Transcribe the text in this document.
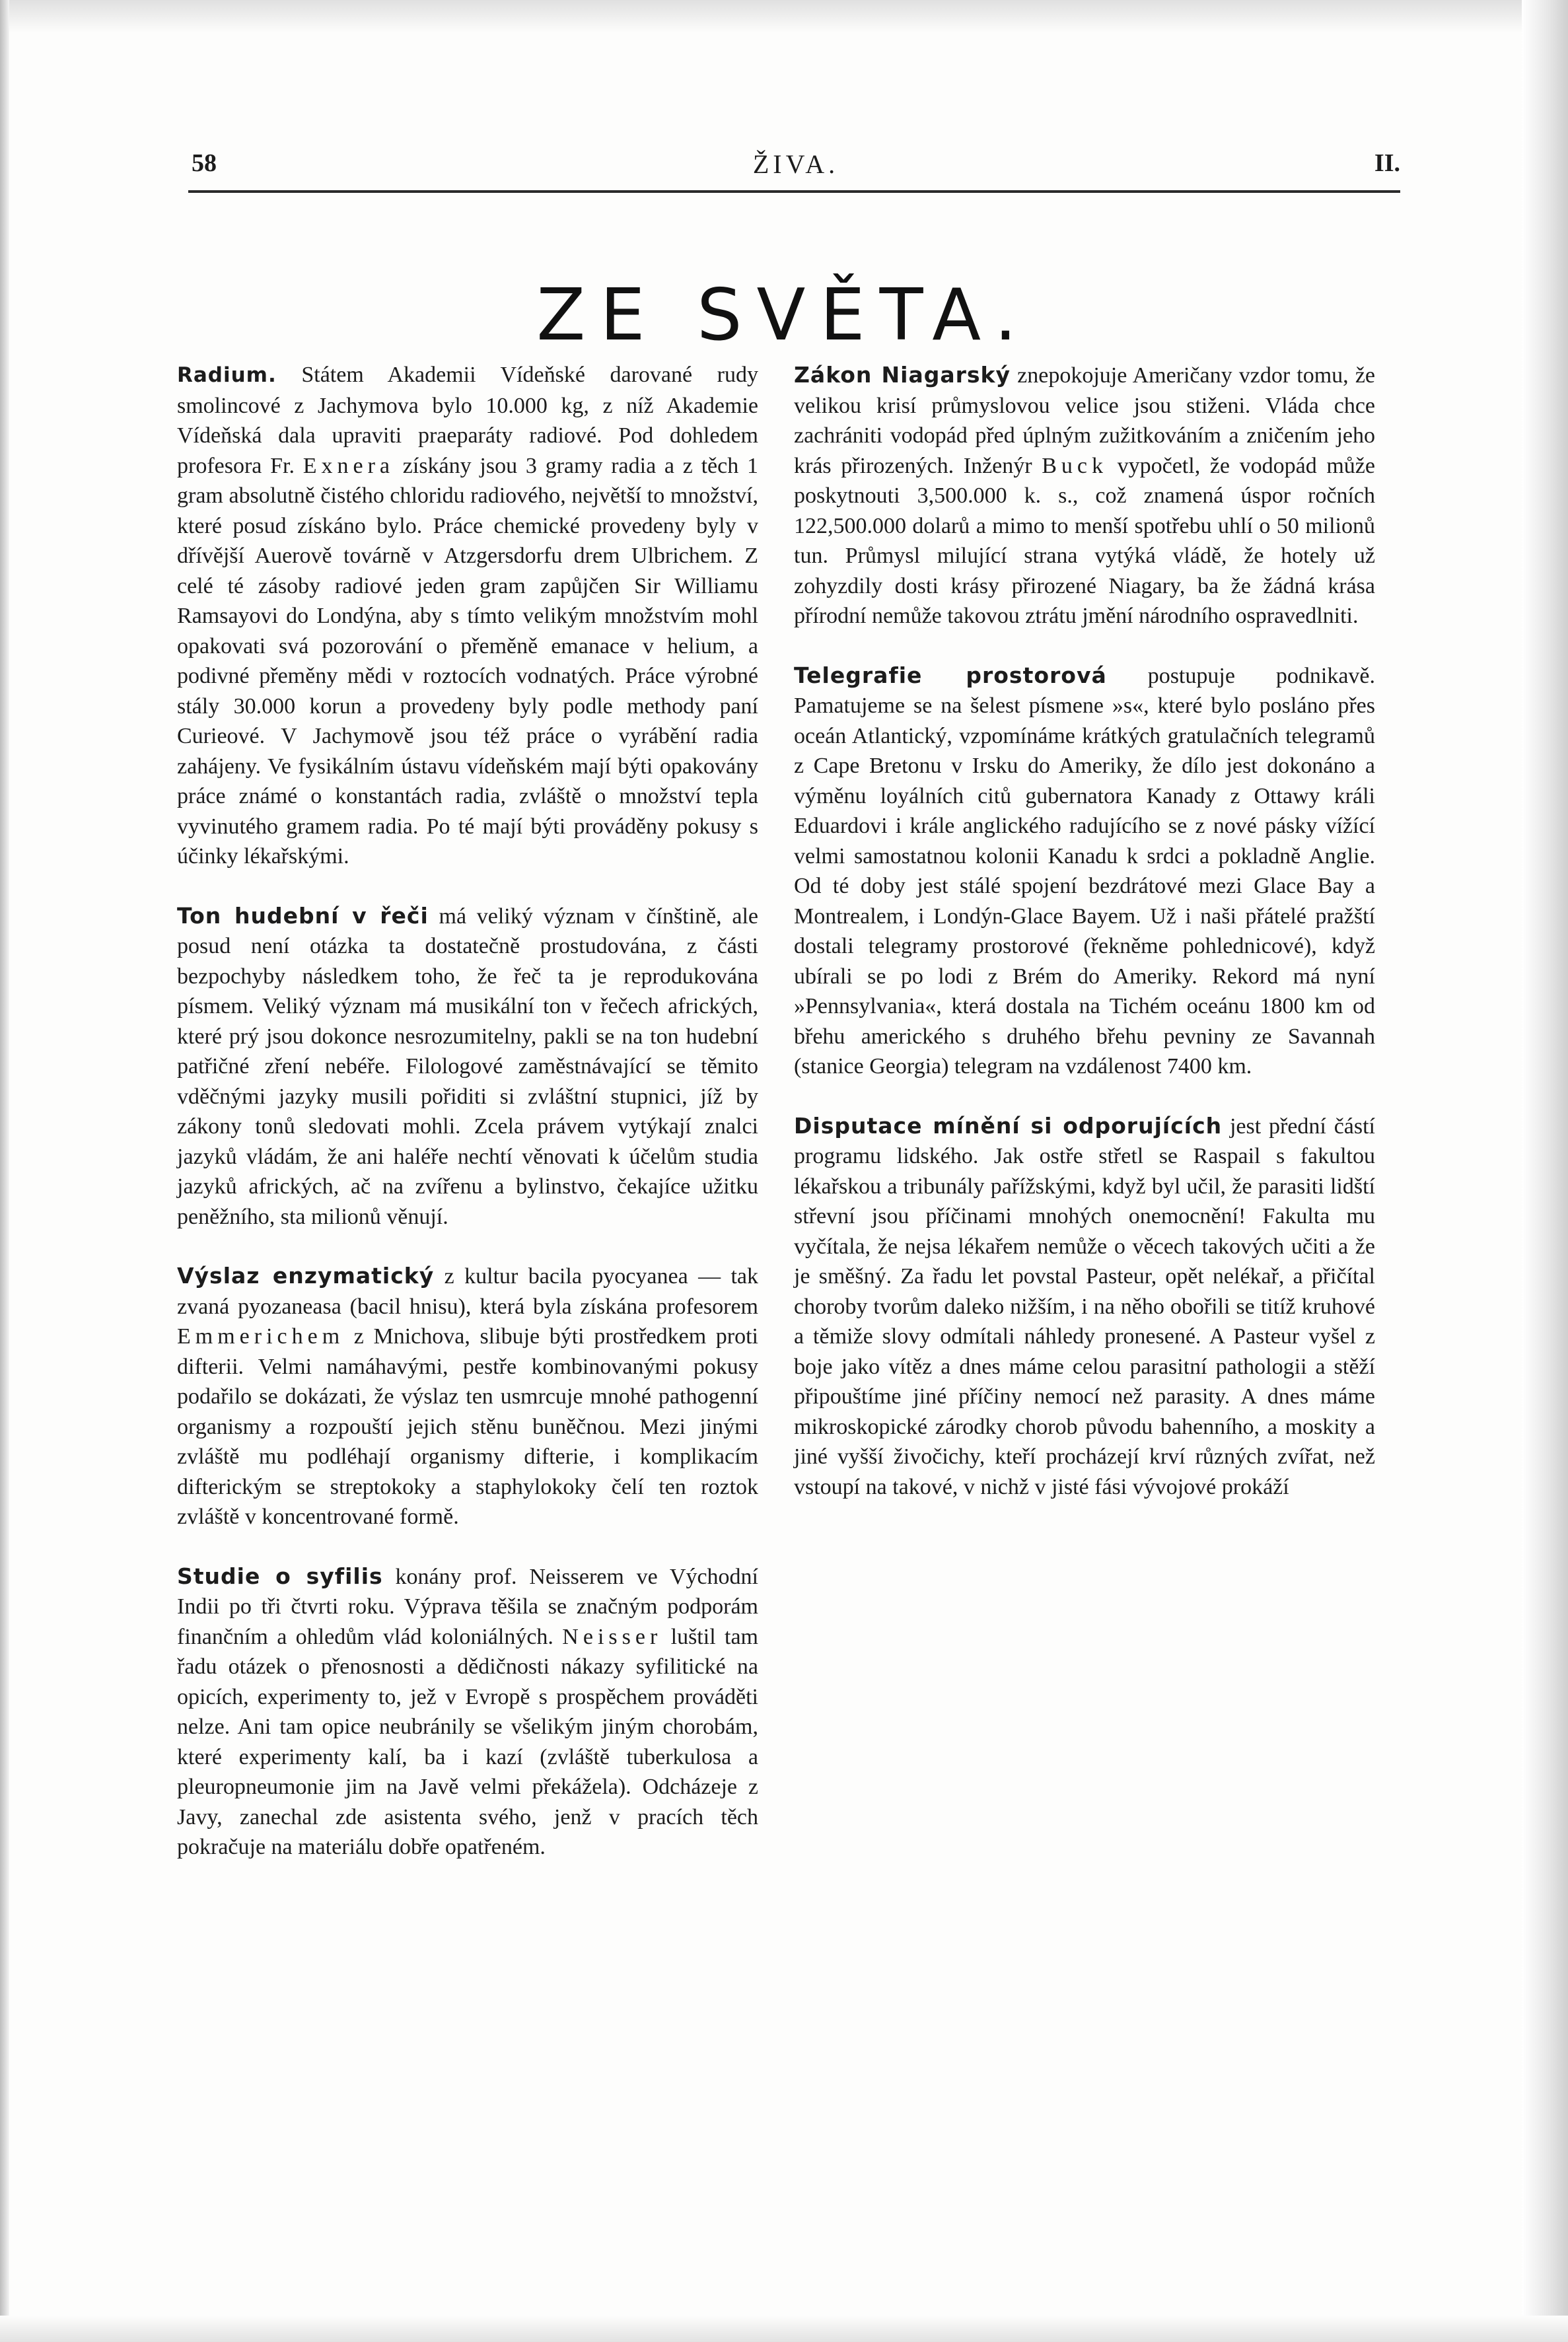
58	ŽIVA.	II.
ZE SVĚTA.

Radium. Státem Akademii Vídeňské darované rudy smolincové z Jachymova bylo 10.000 kg, z níž Akademie Vídeňská dala upraviti praeparáty radiové. Pod dohledem profesora Fr. Exnera získány jsou 3 gramy radia a z těch 1 gram absolutně čistého chloridu radiového, největší to množství, které posud získáno bylo. Práce chemické provedeny byly v dřívější Auerově továrně v Atzgersdorfu drem Ulbrichem. Z celé té zásoby radiové jeden gram zapůjčen Sir Williamu Ramsayovi do Londýna, aby s tímto velikým množstvím mohl opakovati svá pozorování o přeměně emanace v helium, a podivné přeměny mědi v roztocích vodnatých. Práce výrobné stály 30.000 korun a provedeny byly podle methody paní Curieové. V Jachymově jsou též práce o vyrábění radia zahájeny. Ve fysikálním ústavu vídeňském mají býti opakovány práce známé o konstantách radia, zvláště o množství tepla vyvinutého gramem radia. Po té mají býti prováděny pokusy s účinky lékařskými.

Ton hudební v řeči má veliký význam v čínštině, ale posud není otázka ta dostatečně prostudována, z části bezpochyby následkem toho, že řeč ta je reprodukována písmem. Veliký význam má musikální ton v řečech afrických, které prý jsou dokonce nesrozumitelny, pakli se na ton hudební patřičné zření nebéře. Filologové zaměstnávající se těmito vděčnými jazyky musili pořiditi si zvláštní stupnici, jíž by zákony tonů sledovati mohli. Zcela právem vytýkají znalci jazyků vládám, že ani haléře nechtí věnovati k účelům studia jazyků afrických, ač na zvířenu a bylinstvo, čekajíce užitku peněžního, sta milionů věnují.

Výslaz enzymatický z kultur bacila pyocyanea — tak zvaná pyozaneasa (bacil hnisu), která byla získána profesorem Emmerichem z Mnichova, slibuje býti prostředkem proti difterii. Velmi namáhavými, pestře kombinovanými pokusy podařilo se dokázati, že výslaz ten usmrcuje mnohé pathogenní organismy a rozpouští jejich stěnu buněčnou. Mezi jinými zvláště mu podléhají organismy difterie, i komplikacím difterickým se streptokoky a staphylokoky čelí ten roztok zvláště v koncentrované formě.

Studie o syfilis konány prof. Neisserem ve Východní Indii po tři čtvrti roku. Výprava těšila se značným podporám finančním a ohledům vlád koloniálných. Neisser luštil tam řadu otázek o přenosnosti a dědičnosti nákazy syfilitické na opicích, experimenty to, jež v Evropě s prospěchem prováděti nelze. Ani tam opice neubránily se všelikým jiným chorobám, které experimenty kalí, ba i kazí (zvláště tuberkulosa a pleuropneumonie jim na Javě velmi překážela). Odcházeje z Javy, zanechal zde asistenta svého, jenž v pracích těch pokračuje na materiálu dobře opatřeném.

Zákon Niagarský znepokojuje Američany vzdor tomu, že velikou krisí průmyslovou velice jsou stiženi. Vláda chce zachrániti vodopád před úplným zužitkováním a zničením jeho krás přirozených. Inženýr Buck vypočetl, že vodopád může poskytnouti 3,500.000 k. s., což znamená úspor ročních 122,500.000 dolarů a mimo to menší spotřebu uhlí o 50 milionů tun. Průmysl milující strana vytýká vládě, že hotely už zohyzdily dosti krásy přirozené Niagary, ba že žádná krása přírodní nemůže takovou ztrátu jmění národního ospravedlniti.

Telegrafie prostorová postupuje podnikavě. Pamatujeme se na šelest písmene »s«, které bylo posláno přes oceán Atlantický, vzpomínáme krátkých gratulačních telegramů z Cape Bretonu v Irsku do Ameriky, že dílo jest dokonáno a výměnu loyálních citů gubernatora Kanady z Ottawy králi Eduardovi i krále anglického radujícího se z nové pásky vížící velmi samostatnou kolonii Kanadu k srdci a pokladně Anglie. Od té doby jest stálé spojení bezdrátové mezi Glace Bay a Montrealem, i Londýn-Glace Bayem. Už i naši přátelé pražští dostali telegramy prostorové (řekněme pohlednicové), když ubírali se po lodi z Brém do Ameriky. Rekord má nyní »Pennsylvania«, která dostala na Tichém oceánu 1800 km od břehu amerického s druhého břehu pevniny ze Savannah (stanice Georgia) telegram na vzdálenost 7400 km.

Disputace mínění si odporujících jest přední částí programu lidského. Jak ostře střetl se Raspail s fakultou lékařskou a tribunály pařížskými, když byl učil, že parasiti lidští střevní jsou příčinami mnohých onemocnění! Fakulta mu vyčítala, že nejsa lékařem nemůže o věcech takových učiti a že je směšný. Za řadu let povstal Pasteur, opět nelékař, a přičítal choroby tvorům daleko nižším, i na něho obořili se titíž kruhové a těmiže slovy odmítali náhledy pronesené. A Pasteur vyšel z boje jako vítěz a dnes máme celou parasitní pathologii a stěží připouštíme jiné příčiny nemocí než parasity. A dnes máme mikroskopické zárodky chorob původu bahenního, a moskity a jiné vyšší živočichy, kteří procházejí krví různých zvířat, než vstoupí na takové, v nichž v jisté fási vývojové prokáží
